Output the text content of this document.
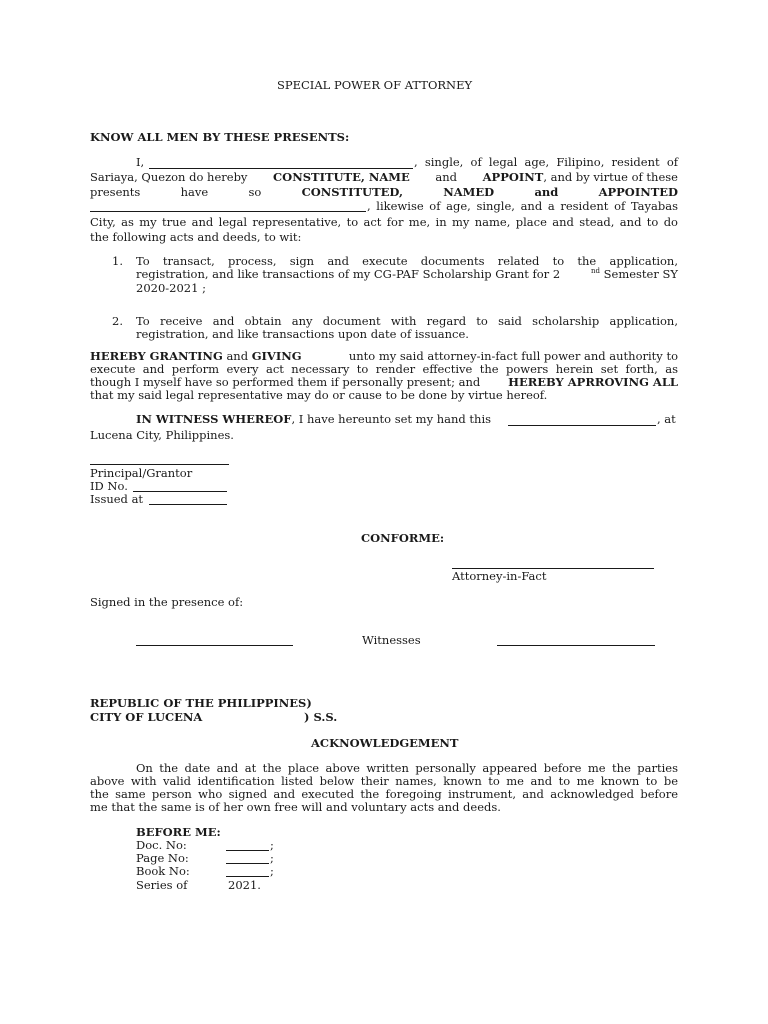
SPECIAL POWER OF ATTORNEY
KNOW ALL MEN BY THESE PRESENTS:
I,	, single, of legal age, Filipino, resident of
Sariaya, Quezon do hereby CONSTITUTE, NAME and APPOINT, and by virtue of these
presents	have	so	CONSTITUTED,	NAMED	and	APPOINTED
, likewise of age, single, and a resident of Tayabas
City, as my true and legal representative, to act for me, in my name, place and stead, and to do
the following acts and deeds, to wit:
1. To transact, process, sign and execute documents related to the application,
registration, and like transactions of my CG-PAF Scholarship Grant for 2	$^{nd}$ Semester SY
2020-2021 ;
2. To receive and obtain any document with regard to said scholarship application,
registration, and like transactions upon date of issuance.
HEREBY GRANTING and GIVING	unto my said attorney-in-fact full power and authority to
execute and perform every act necessary to render effective the powers herein set forth, as
though I myself have so performed them if personally present; and HEREBY APRROVING ALL
that my said legal representative may do or cause to be done by virtue hereof.
IN WITNESS WHEREOF, I have hereunto set my hand this	, at
Lucena City, Philippines.
Principal/Grantor
ID No.
Issued at
CONFORME:
Attorney-in-Fact
Signed in the presence of:
Witnesses
REPUBLIC OF THE PHILIPPINES)
CITY OF LUCENA	) S.S.
ACKNOWLEDGEMENT
On the date and at the place above written personally appeared before me the parties
above with valid identification listed below their names, known to me and to me known to be
the same person who signed and executed the foregoing instrument, and acknowledged before
me that the same is of her own free will and voluntary acts and deeds.
BEFORE ME:
Doc. No:	;
Page No:	;
Book No:	;
Series of	2021.
